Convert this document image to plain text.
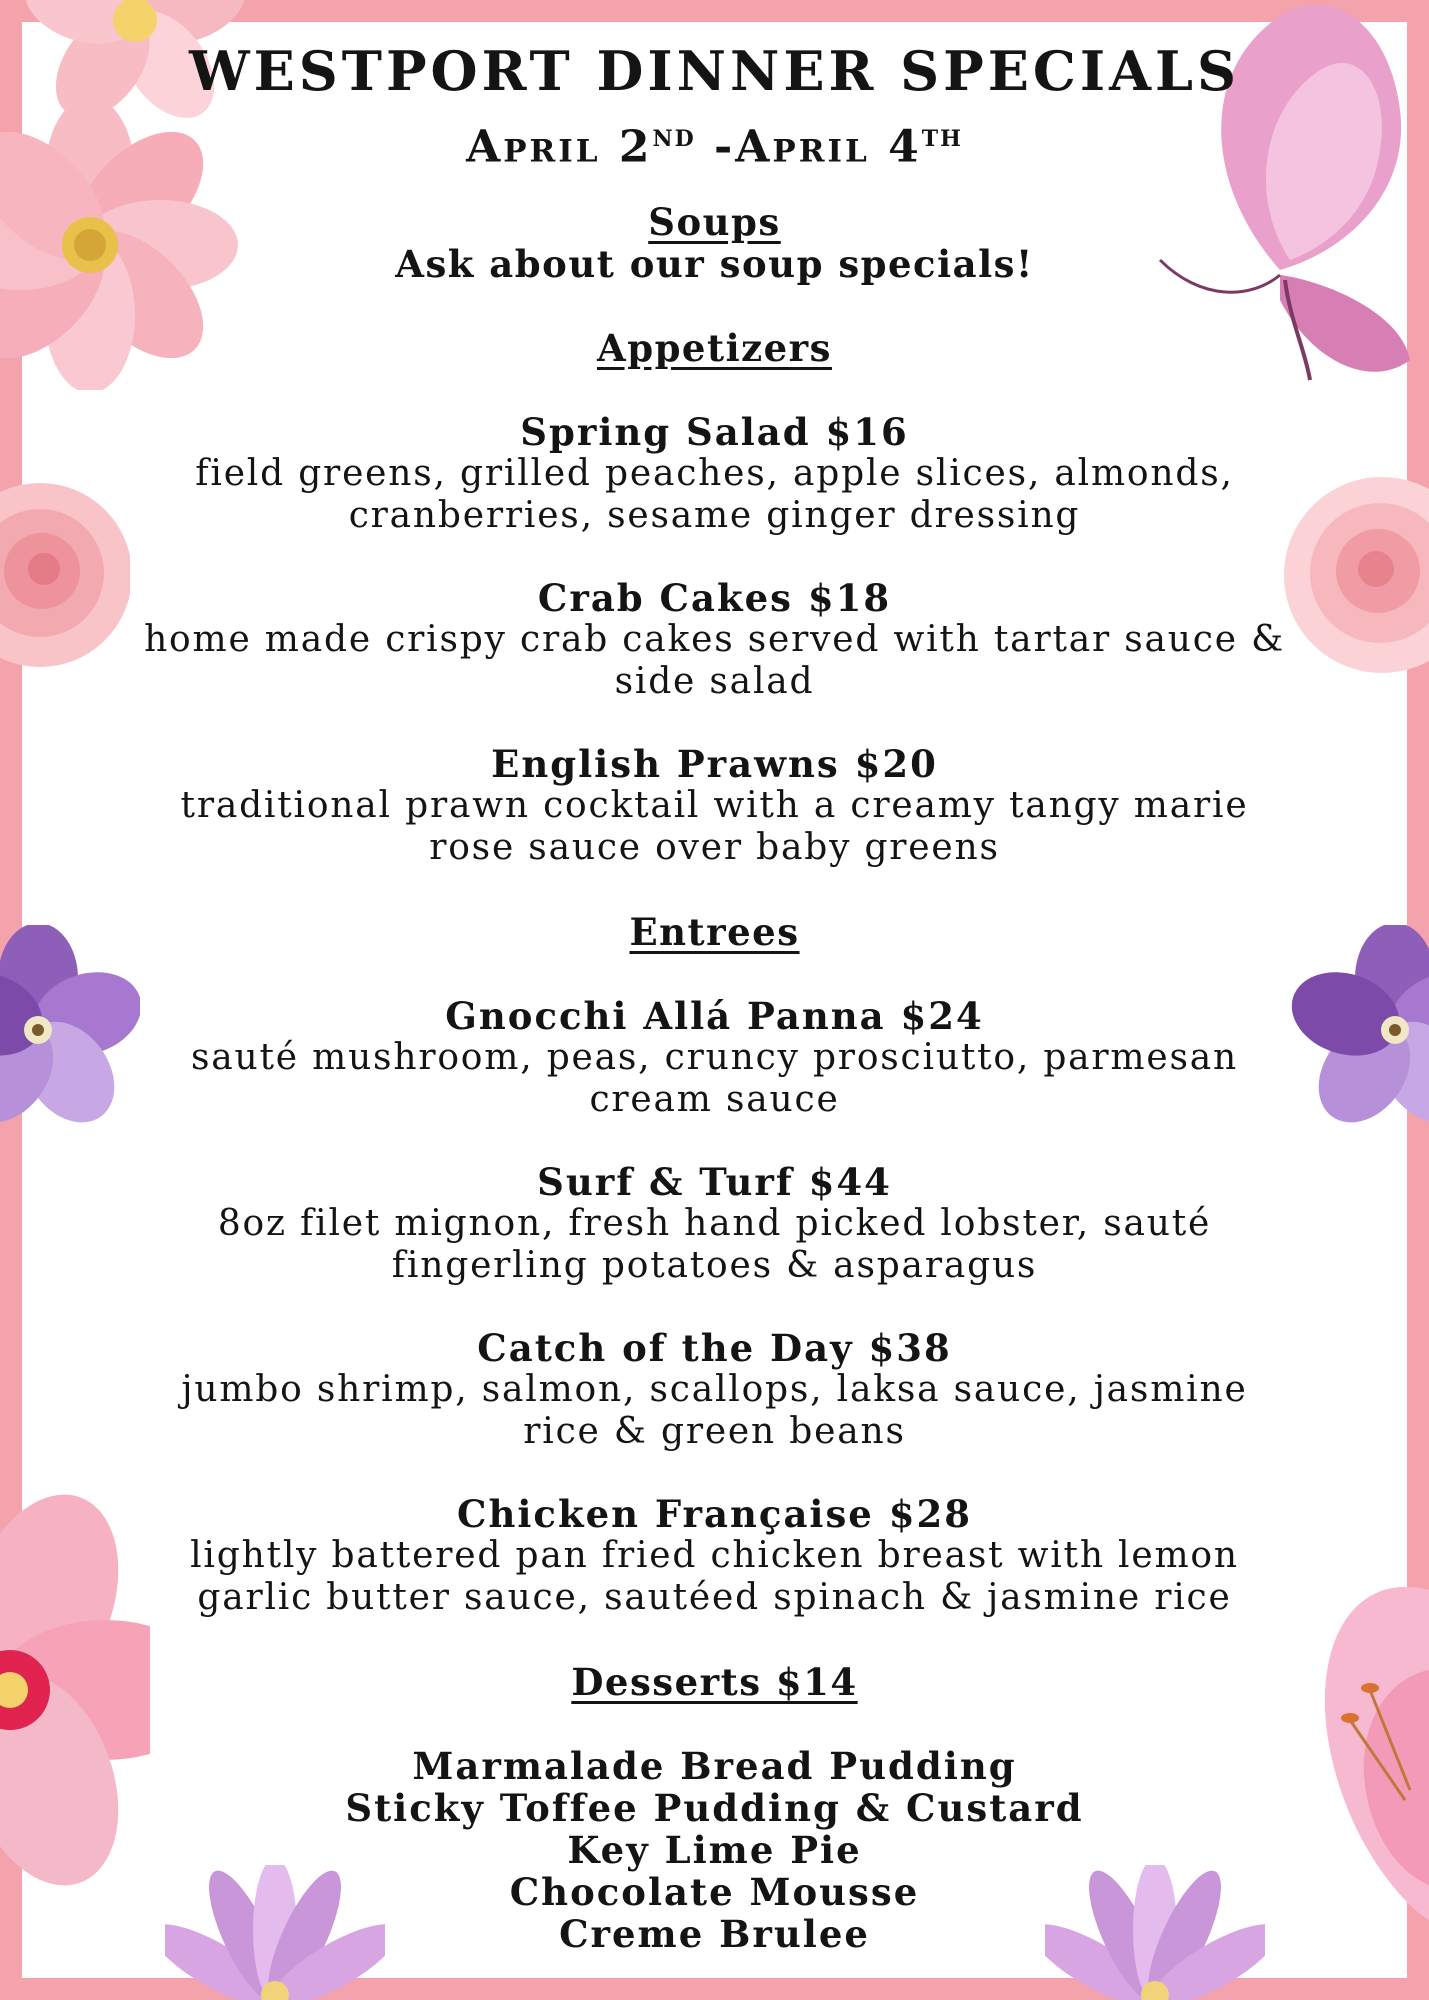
WESTPORT DINNER SPECIALS

April 2ND -April 4TH

Soups

Ask about our soup specials!

Appetizers

Spring Salad $16

field greens, grilled peaches, apple slices, almonds,
cranberries, sesame ginger dressing

Crab Cakes $18

home made crispy crab cakes served with tartar sauce &
side salad

English Prawns $20

traditional prawn cocktail with a creamy tangy marie
rose sauce over baby greens

Entrees

Gnocchi Allá Panna $24

sauté mushroom, peas, cruncy prosciutto, parmesan
cream sauce

Surf & Turf $44

8oz filet mignon, fresh hand picked lobster, sauté
fingerling potatoes & asparagus

Catch of the Day $38

jumbo shrimp, salmon, scallops, laksa sauce, jasmine
rice & green beans

Chicken Française $28

lightly battered pan fried chicken breast with lemon
garlic butter sauce, sautéed spinach & jasmine rice

Desserts $14

Marmalade Bread Pudding

Sticky Toffee Pudding & Custard

Key Lime Pie

Chocolate Mousse

Creme Brulee
